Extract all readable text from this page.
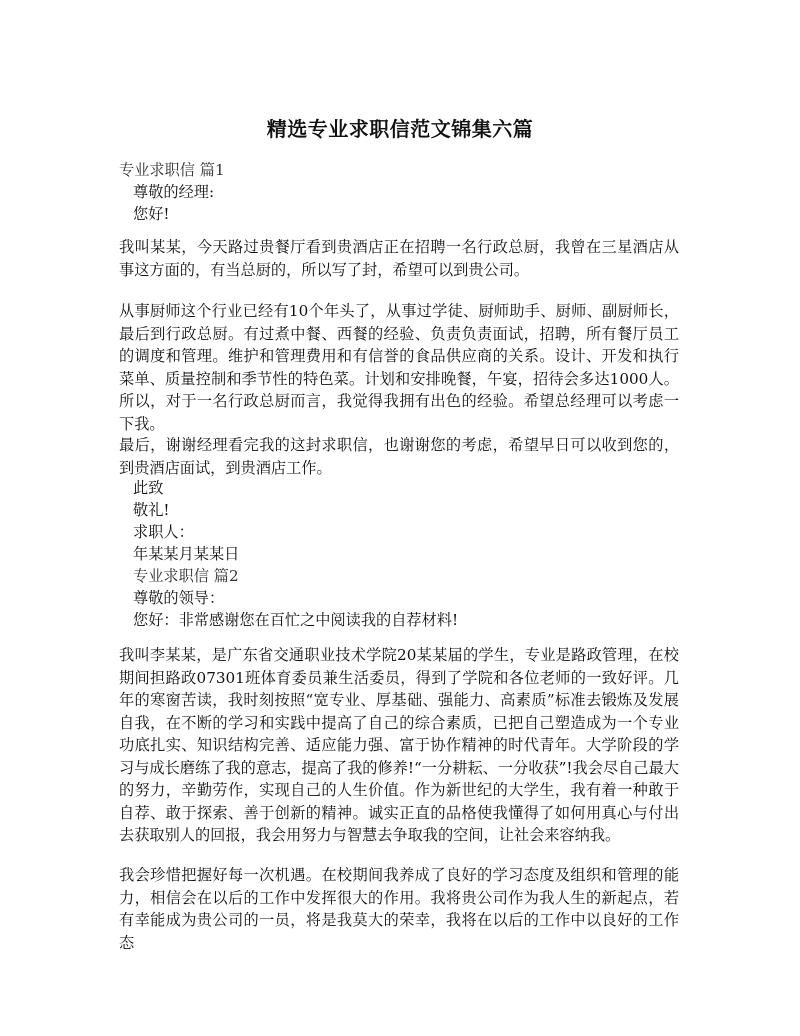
精选专业求职信范文锦集六篇
专业求职信 篇1
尊敬的经理:
您好!
我叫某某，今天路过贵餐厅看到贵酒店正在招聘一名行政总厨，我曾在三星酒店从事这方面的，有当总厨的，所以写了封，希望可以到贵公司。
从事厨师这个行业已经有10个年头了，从事过学徒、厨师助手、厨师、副厨师长，最后到行政总厨。有过煮中餐、西餐的经验、负责负责面试，招聘，所有餐厅员工的调度和管理。维护和管理费用和有信誉的食品供应商的关系。设计、开发和执行菜单、质量控制和季节性的特色菜。计划和安排晚餐，午宴，招待会多达1000人。所以，对于一名行政总厨而言，我觉得我拥有出色的经验。希望总经理可以考虑一下我。
最后，谢谢经理看完我的这封求职信，也谢谢您的考虑，希望早日可以收到您的，到贵酒店面试，到贵酒店工作。
此致
敬礼!
求职人：
年某某月某某日
专业求职信 篇2
尊敬的领导：
您好：非常感谢您在百忙之中阅读我的自荐材料!
我叫李某某，是广东省交通职业技术学院20某某届的学生，专业是路政管理，在校期间担路政07301班体育委员兼生活委员，得到了学院和各位老师的一致好评。几年的寒窗苦读，我时刻按照“宽专业、厚基础、强能力、高素质”标准去锻炼及发展自我，在不断的学习和实践中提高了自己的综合素质，已把自己塑造成为一个专业功底扎实、知识结构完善、适应能力强、富于协作精神的时代青年。大学阶段的学习与成长磨练了我的意志，提高了我的修养!“一分耕耘、一分收获”!我会尽自己最大的努力，辛勤劳作，实现自己的人生价值。作为新世纪的大学生，我有着一种敢于自荐、敢于探索、善于创新的精神。诚实正直的品格使我懂得了如何用真心与付出去获取别人的回报，我会用努力与智慧去争取我的空间，让社会来容纳我。
我会珍惜把握好每一次机遇。在校期间我养成了良好的学习态度及组织和管理的能力，相信会在以后的工作中发挥很大的作用。我将贵公司作为我人生的新起点，若有幸能成为贵公司的一员，将是我莫大的荣幸，我将在以后的工作中以良好的工作态
